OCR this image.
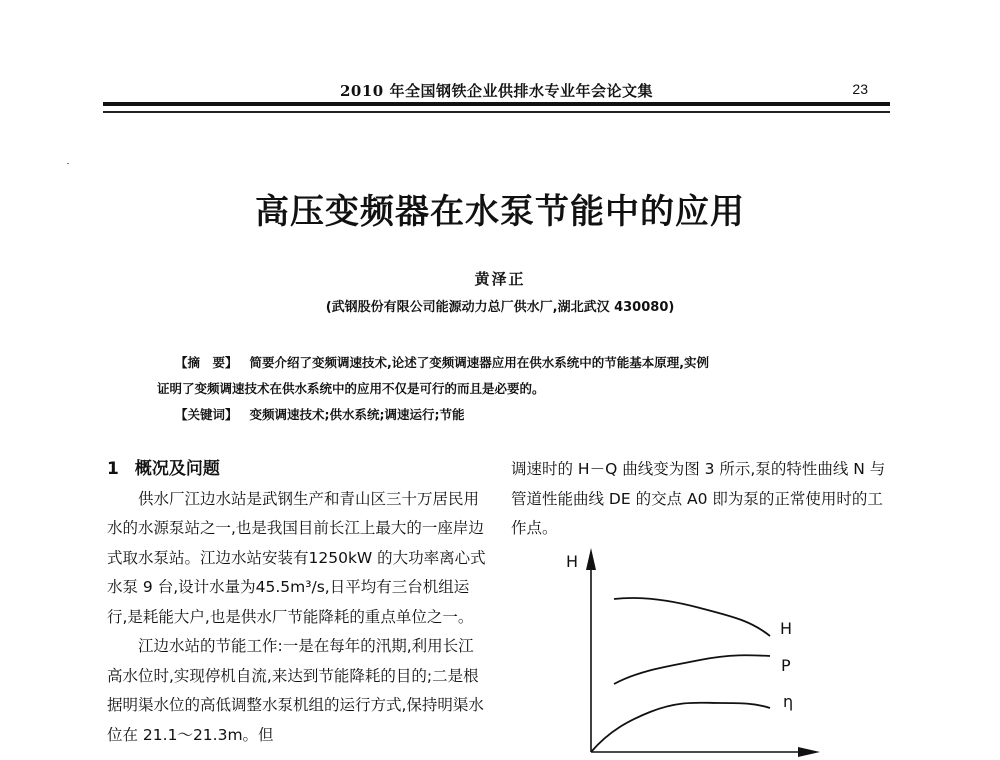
2010 年全国钢铁企业供排水专业年会论文集	23
高压变频器在水泵节能中的应用
黄泽正
(武钢股份有限公司能源动力总厂供水厂,湖北武汉 430080)
【摘　要】 简要介绍了变频调速技术,论述了变频调速器应用在供水系统中的节能基本原理,实例
证明了变频调速技术在供水系统中的应用不仅是可行的而且是必要的。
【关键词】 变频调速技术;供水系统;调速运行;节能
1 概况及问题

供水厂江边水站是武钢生产和青山区三十万居民用水的水源泵站之一,也是我国目前长江上最大的一座岸边式取水泵站。江边水站安装有1250kW 的大功率离心式水泵 9 台,设计水量为45.5m³/s,日平均有三台机组运行,是耗能大户,也是供水厂节能降耗的重点单位之一。

江边水站的节能工作:一是在每年的汛期,利用长江高水位时,实现停机自流,来达到节能降耗的目的;二是根据明渠水位的高低调整水泵机组的运行方式,保持明渠水位在 21.1～21.3m。但

调速时的 H－Q 曲线变为图 3 所示,泵的特性曲线 N 与管道性能曲线 DE 的交点 A0 即为泵的正常使用时的工作点。

H
H
P
η
